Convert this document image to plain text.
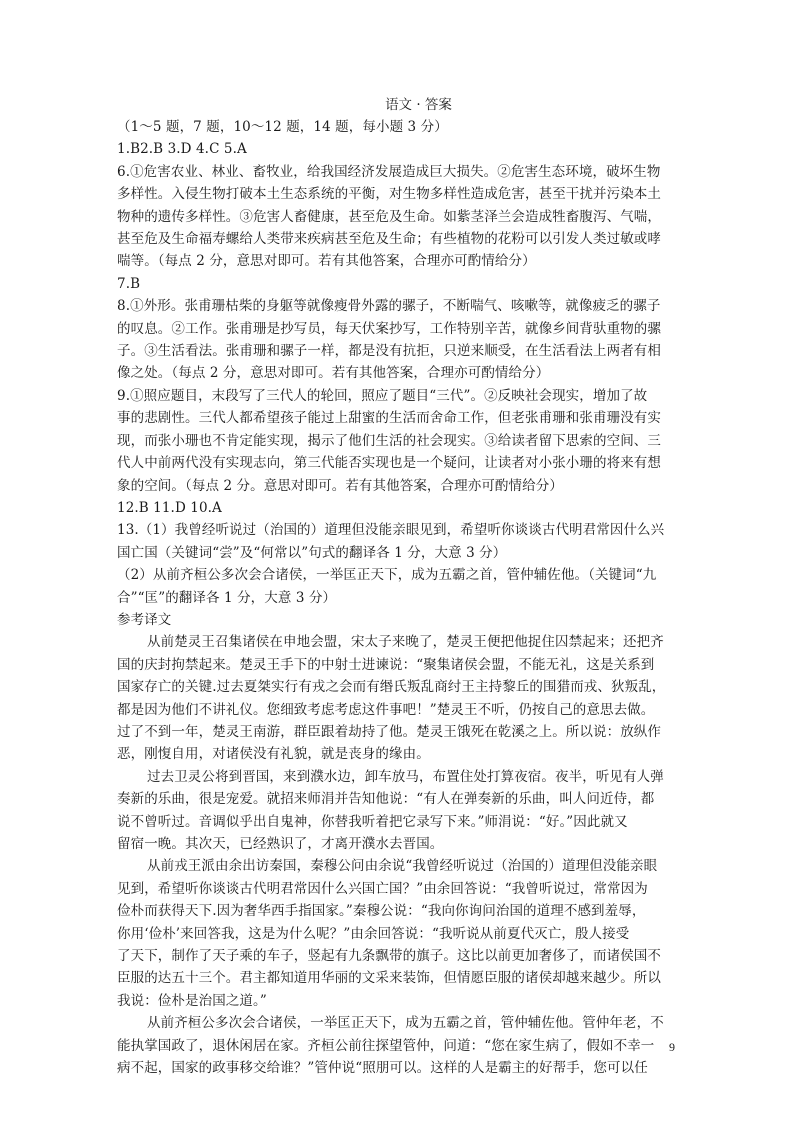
语文 · 答案
（1～5 题，7 题，10～12 题，14 题，每小题 3 分）
1.B2.B 3.D 4.C 5.A
6.①危害农业、林业、畜牧业，给我国经济发展造成巨大损失。②危害生态环境，破坏生物
多样性。入侵生物打破本土生态系统的平衡，对生物多样性造成危害，甚至干扰并污染本土
物种的遗传多样性。③危害人畜健康，甚至危及生命。如紫茎泽兰会造成牲畜腹泻、气喘，
甚至危及生命福寿螺给人类带来疾病甚至危及生命；有些植物的花粉可以引发人类过敏或哮
喘等。（每点 2 分，意思对即可。若有其他答案，合理亦可酌情给分）
7.B
8.①外形。张甫珊枯柴的身躯等就像瘦骨外露的骡子，不断喘气、咳嗽等，就像疲乏的骡子
的叹息。②工作。张甫珊是抄写员，每天伏案抄写，工作特别辛苦，就像乡间背驮重物的骡
子。③生活看法。张甫珊和骡子一样，都是没有抗拒，只逆来顺受，在生活看法上两者有相
像之处。（每点 2 分，意思对即可。若有其他答案，合理亦可酌情给分）
9.①照应题目，末段写了三代人的轮回，照应了题目“三代”。②反映社会现实，增加了故
事的悲剧性。三代人都希望孩子能过上甜蜜的生活而舍命工作，但老张甫珊和张甫珊没有实
现，而张小珊也不肯定能实现，揭示了他们生活的社会现实。③给读者留下思索的空间、三
代人中前两代没有实现志向，第三代能否实现也是一个疑问，让读者对小张小珊的将来有想
象的空间。（每点 2 分。意思对即可。若有其他答案，合理亦可酌情给分）
12.B 11.D 10.A
13.（1）我曾经听说过（治国的）道理但没能亲眼见到，希望听你谈谈古代明君常因什么兴
国亡国（关键词“尝”及“何常以”句式的翻译各 1 分，大意 3 分）
（2）从前齐桓公多次会合诸侯，一举匡正天下，成为五霸之首，管仲辅佐他。（关键词“九
合”“匡”的翻译各 1 分，大意 3 分）
参考译文
从前楚灵王召集诸侯在申地会盟，宋太子来晚了，楚灵王便把他捉住囚禁起来；还把齐
国的庆封拘禁起来。楚灵王手下的中射士进谏说：“聚集诸侯会盟，不能无礼，这是关系到
国家存亡的关键.过去夏桀实行有戎之会而有缗氏叛乱商纣王主持黎丘的围猎而戎、狄叛乱，
都是因为他们不讲礼仪。您细致考虑考虑这件事吧！”楚灵王不听，仍按自己的意思去做。
过了不到一年，楚灵王南游，群臣跟着劫持了他。楚灵王饿死在乾溪之上。所以说：放纵作
恶，刚愎自用，对诸侯没有礼貌，就是丧身的缘由。
过去卫灵公将到晋国，来到濮水边，卸车放马，布置住处打算夜宿。夜半，听见有人弹
奏新的乐曲，很是宠爱。就招来师涓并告知他说：“有人在弹奏新的乐曲，叫人问近侍，都
说不曾听过。音调似乎出自鬼神，你替我听着把它录写下来。”师涓说：“好。”因此就又
留宿一晚。其次天，已经熟识了，才离开濮水去晋国。
从前戎王派由余出访秦国，秦穆公问由余说“我曾经听说过（治国的）道理但没能亲眼
见到，希望听你谈谈古代明君常因什么兴国亡国？”由余回答说：“我曾听说过，常常因为
俭朴而获得天下.因为奢华西手指国家。”秦穆公说：“我向你询问治国的道理不感到羞辱，
你用‘俭朴’来回答我，这是为什么呢？”由余回答说：“我听说从前夏代灭亡，殷人接受
了天下，制作了天子乘的车子，竖起有九条飘带的旗子。这比以前更加奢侈了，而诸侯国不
臣服的达五十三个。君主都知道用华丽的文采来装饰，但情愿臣服的诸侯却越来越少。所以
我说：俭朴是治国之道。”
从前齐桓公多次会合诸侯，一举匡正天下，成为五霸之首，管仲辅佐他。管仲年老，不
能执掌国政了，退休闲居在家。齐桓公前往探望管仲，问道：“您在家生病了，假如不幸一
病不起，国家的政事移交给谁？”管仲说“照朋可以。这样的人是霸主的好帮手，您可以任
9
